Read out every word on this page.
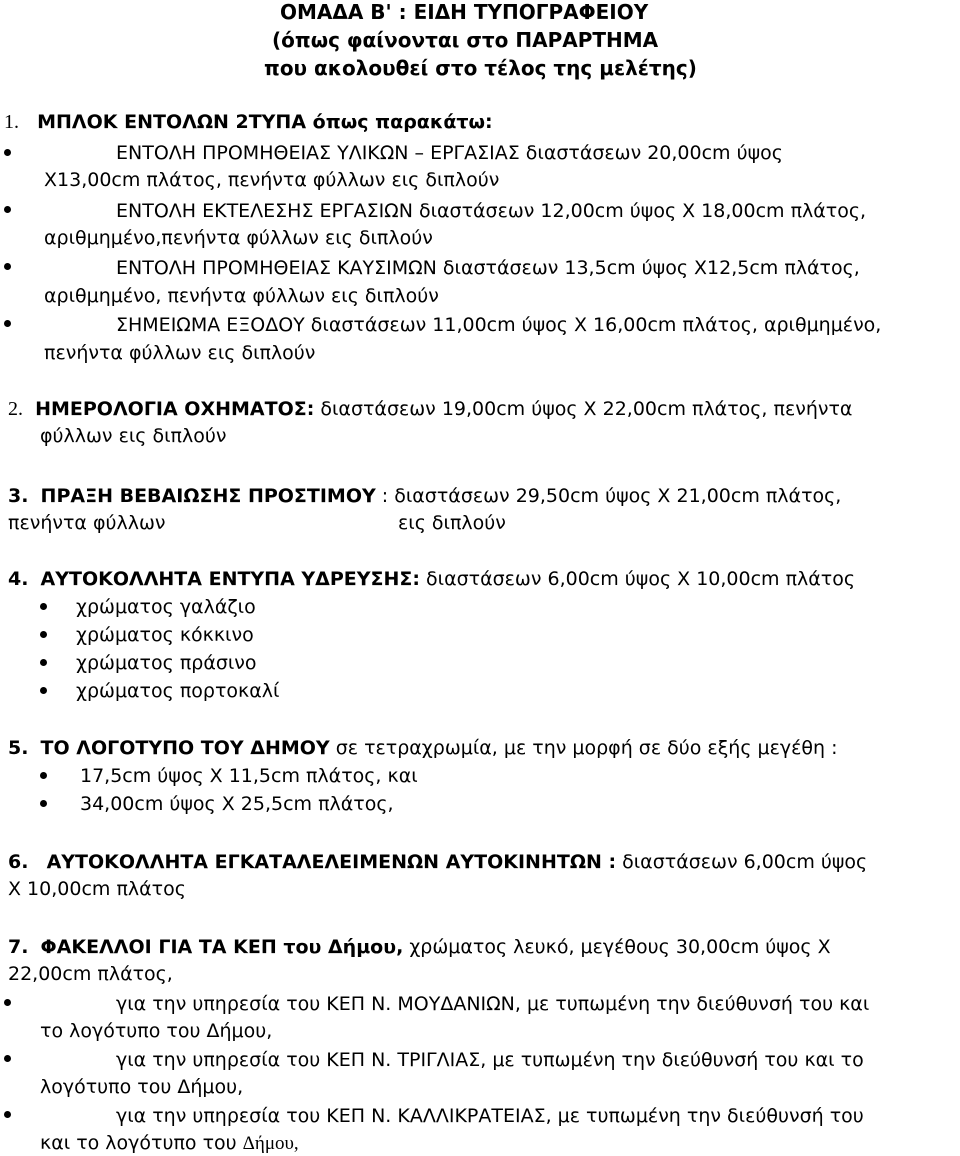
ΟΜΑΔΑ Β' : ΕΙΔΗ ΤΥΠΟΓΡΑΦΕΙΟΥ
(όπως φαίνονται στο ΠΑΡΑΡΤΗΜΑ
που ακολουθεί στο τέλος της μελέτης)
1. ΜΠΛΟΚ ΕΝΤΟΛΩΝ 2ΤΥΠΑ όπως παρακάτω:
ΕΝΤΟΛΗ ΠΡΟΜΗΘΕΙΑΣ ΥΛΙΚΩΝ – ΕΡΓΑΣΙΑΣ διαστάσεων 20,00cm ύψος
Χ13,00cm πλάτος, πενήντα φύλλων εις διπλούν
ΕΝΤΟΛΗ ΕΚΤΕΛΕΣΗΣ ΕΡΓΑΣΙΩΝ διαστάσεων 12,00cm ύψος Χ 18,00cm πλάτος,
αριθμημένο,πενήντα φύλλων εις διπλούν
ΕΝΤΟΛΗ ΠΡΟΜΗΘΕΙΑΣ ΚΑΥΣΙΜΩΝ διαστάσεων 13,5cm ύψος Χ12,5cm πλάτος,
αριθμημένο, πενήντα φύλλων εις διπλούν
ΣΗΜΕΙΩΜΑ ΕΞΟΔΟΥ διαστάσεων 11,00cm ύψος Χ 16,00cm πλάτος, αριθμημένο,
πενήντα φύλλων εις διπλούν
2. ΗΜΕΡΟΛΟΓΙΑ ΟΧΗΜΑΤΟΣ: διαστάσεων 19,00cm ύψος Χ 22,00cm πλάτος, πενήντα
φύλλων εις διπλούν
3. ΠΡΑΞΗ ΒΕΒΑΙΩΣΗΣ ΠΡΟΣΤΙΜΟΥ : διαστάσεων 29,50cm ύψος Χ 21,00cm πλάτος,
πενήντα φύλλων	εις διπλούν
4. ΑΥΤΟΚΟΛΛΗΤΑ ΕΝΤΥΠΑ ΥΔΡΕΥΣΗΣ: διαστάσεων 6,00cm ύψος Χ 10,00cm πλάτος
χρώματος γαλάζιο
χρώματος κόκκινο
χρώματος πράσινο
χρώματος πορτοκαλί
5. ΤΟ ΛΟΓΟΤΥΠΟ ΤΟΥ ΔΗΜΟΥ σε τετραχρωμία, με την μορφή σε δύο εξής μεγέθη :
17,5cm ύψος Χ 11,5cm πλάτος, και
34,00cm ύψος Χ 25,5cm πλάτος,
6. ΑΥΤΟΚΟΛΛΗΤΑ ΕΓΚΑΤΑΛΕΛΕΙΜΕΝΩΝ ΑΥΤΟΚΙΝΗΤΩΝ : διαστάσεων 6,00cm ύψος
Χ 10,00cm πλάτος
7. ΦΑΚΕΛΛΟΙ ΓΙΑ ΤΑ ΚΕΠ του Δήμου, χρώματος λευκό, μεγέθους 30,00cm ύψος Χ
22,00cm πλάτος,
για την υπηρεσία του ΚΕΠ Ν. ΜΟΥΔΑΝΙΩΝ, με τυπωμένη την διεύθυνσή του και
το λογότυπο του Δήμου,
για την υπηρεσία του ΚΕΠ Ν. ΤΡΙΓΛΙΑΣ, με τυπωμένη την διεύθυνσή του και το
λογότυπο του Δήμου,
για την υπηρεσία του ΚΕΠ Ν. ΚΑΛΛΙΚΡΑΤΕΙΑΣ, με τυπωμένη την διεύθυνσή του
και το λογότυπο του Δήμου,
